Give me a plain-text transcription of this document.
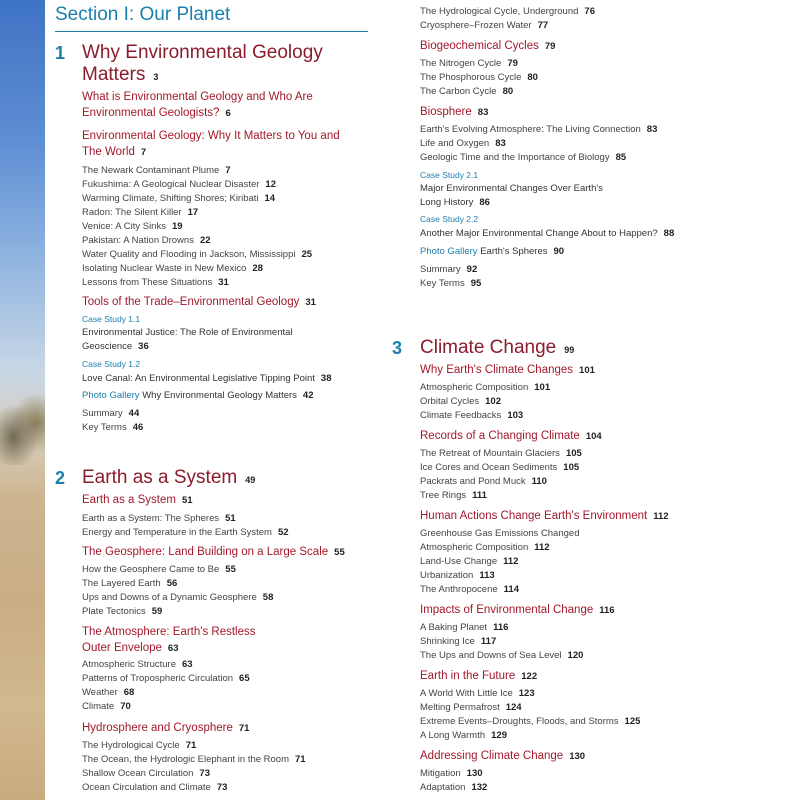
Section I: Our Planet
1 Why Environmental Geology
Matters 3
What is Environmental Geology and Who Are
Environmental Geologists? 6
Environmental Geology: Why It Matters to You and
The World 7
The Newark Contaminant Plume 7
Fukushima: A Geological Nuclear Disaster 12
Warming Climate, Shifting Shores; Kiribati 14
Radon: The Silent Killer 17
Venice: A City Sinks 19
Pakistan: A Nation Drowns 22
Water Quality and Flooding in Jackson, Mississippi 25
Isolating Nuclear Waste in New Mexico 28
Lessons from These Situations 31
Tools of the Trade–Environmental Geology 31
Case Study 1.1
Environmental Justice: The Role of Environmental
Geoscience 36
Case Study 1.2
Love Canal: An Environmental Legislative Tipping Point 38
Photo Gallery Why Environmental Geology Matters 42
Summary 44
Key Terms 46
2 Earth as a System 49
Earth as a System 51
Earth as a System: The Spheres 51
Energy and Temperature in the Earth System 52
The Geosphere: Land Building on a Large Scale 55
How the Geosphere Came to Be 55
The Layered Earth 56
Ups and Downs of a Dynamic Geosphere 58
Plate Tectonics 59
The Atmosphere: Earth's Restless
Outer Envelope 63
Atmospheric Structure 63
Patterns of Tropospheric Circulation 65
Weather 68
Climate 70
Hydrosphere and Cryosphere 71
The Hydrological Cycle 71
The Ocean, the Hydrologic Elephant in the Room 71
Shallow Ocean Circulation 73
Ocean Circulation and Climate 73
The Hydrological Cycle, Underground 76
Cryosphere–Frozen Water 77
Biogeochemical Cycles 79
The Nitrogen Cycle 79
The Phosphorous Cycle 80
The Carbon Cycle 80
Biosphere 83
Earth's Evolving Atmosphere: The Living Connection 83
Life and Oxygen 83
Geologic Time and the Importance of Biology 85
Case Study 2.1
Major Environmental Changes Over Earth's
Long History 86
Case Study 2.2
Another Major Environmental Change About to Happen? 88
Photo Gallery Earth's Spheres 90
Summary 92
Key Terms 95
3 Climate Change 99
Why Earth's Climate Changes 101
Atmospheric Composition 101
Orbital Cycles 102
Climate Feedbacks 103
Records of a Changing Climate 104
The Retreat of Mountain Glaciers 105
Ice Cores and Ocean Sediments 105
Packrats and Pond Muck 110
Tree Rings 111
Human Actions Change Earth's Environment 112
Greenhouse Gas Emissions Changed
Atmospheric Composition 112
Land-Use Change 112
Urbanization 113
The Anthropocene 114
Impacts of Environmental Change 116
A Baking Planet 116
Shrinking Ice 117
The Ups and Downs of Sea Level 120
Earth in the Future 122
A World With Little Ice 123
Melting Permafrost 124
Extreme Events–Droughts, Floods, and Storms 125
A Long Warmth 129
Addressing Climate Change 130
Mitigation 130
Adaptation 132
